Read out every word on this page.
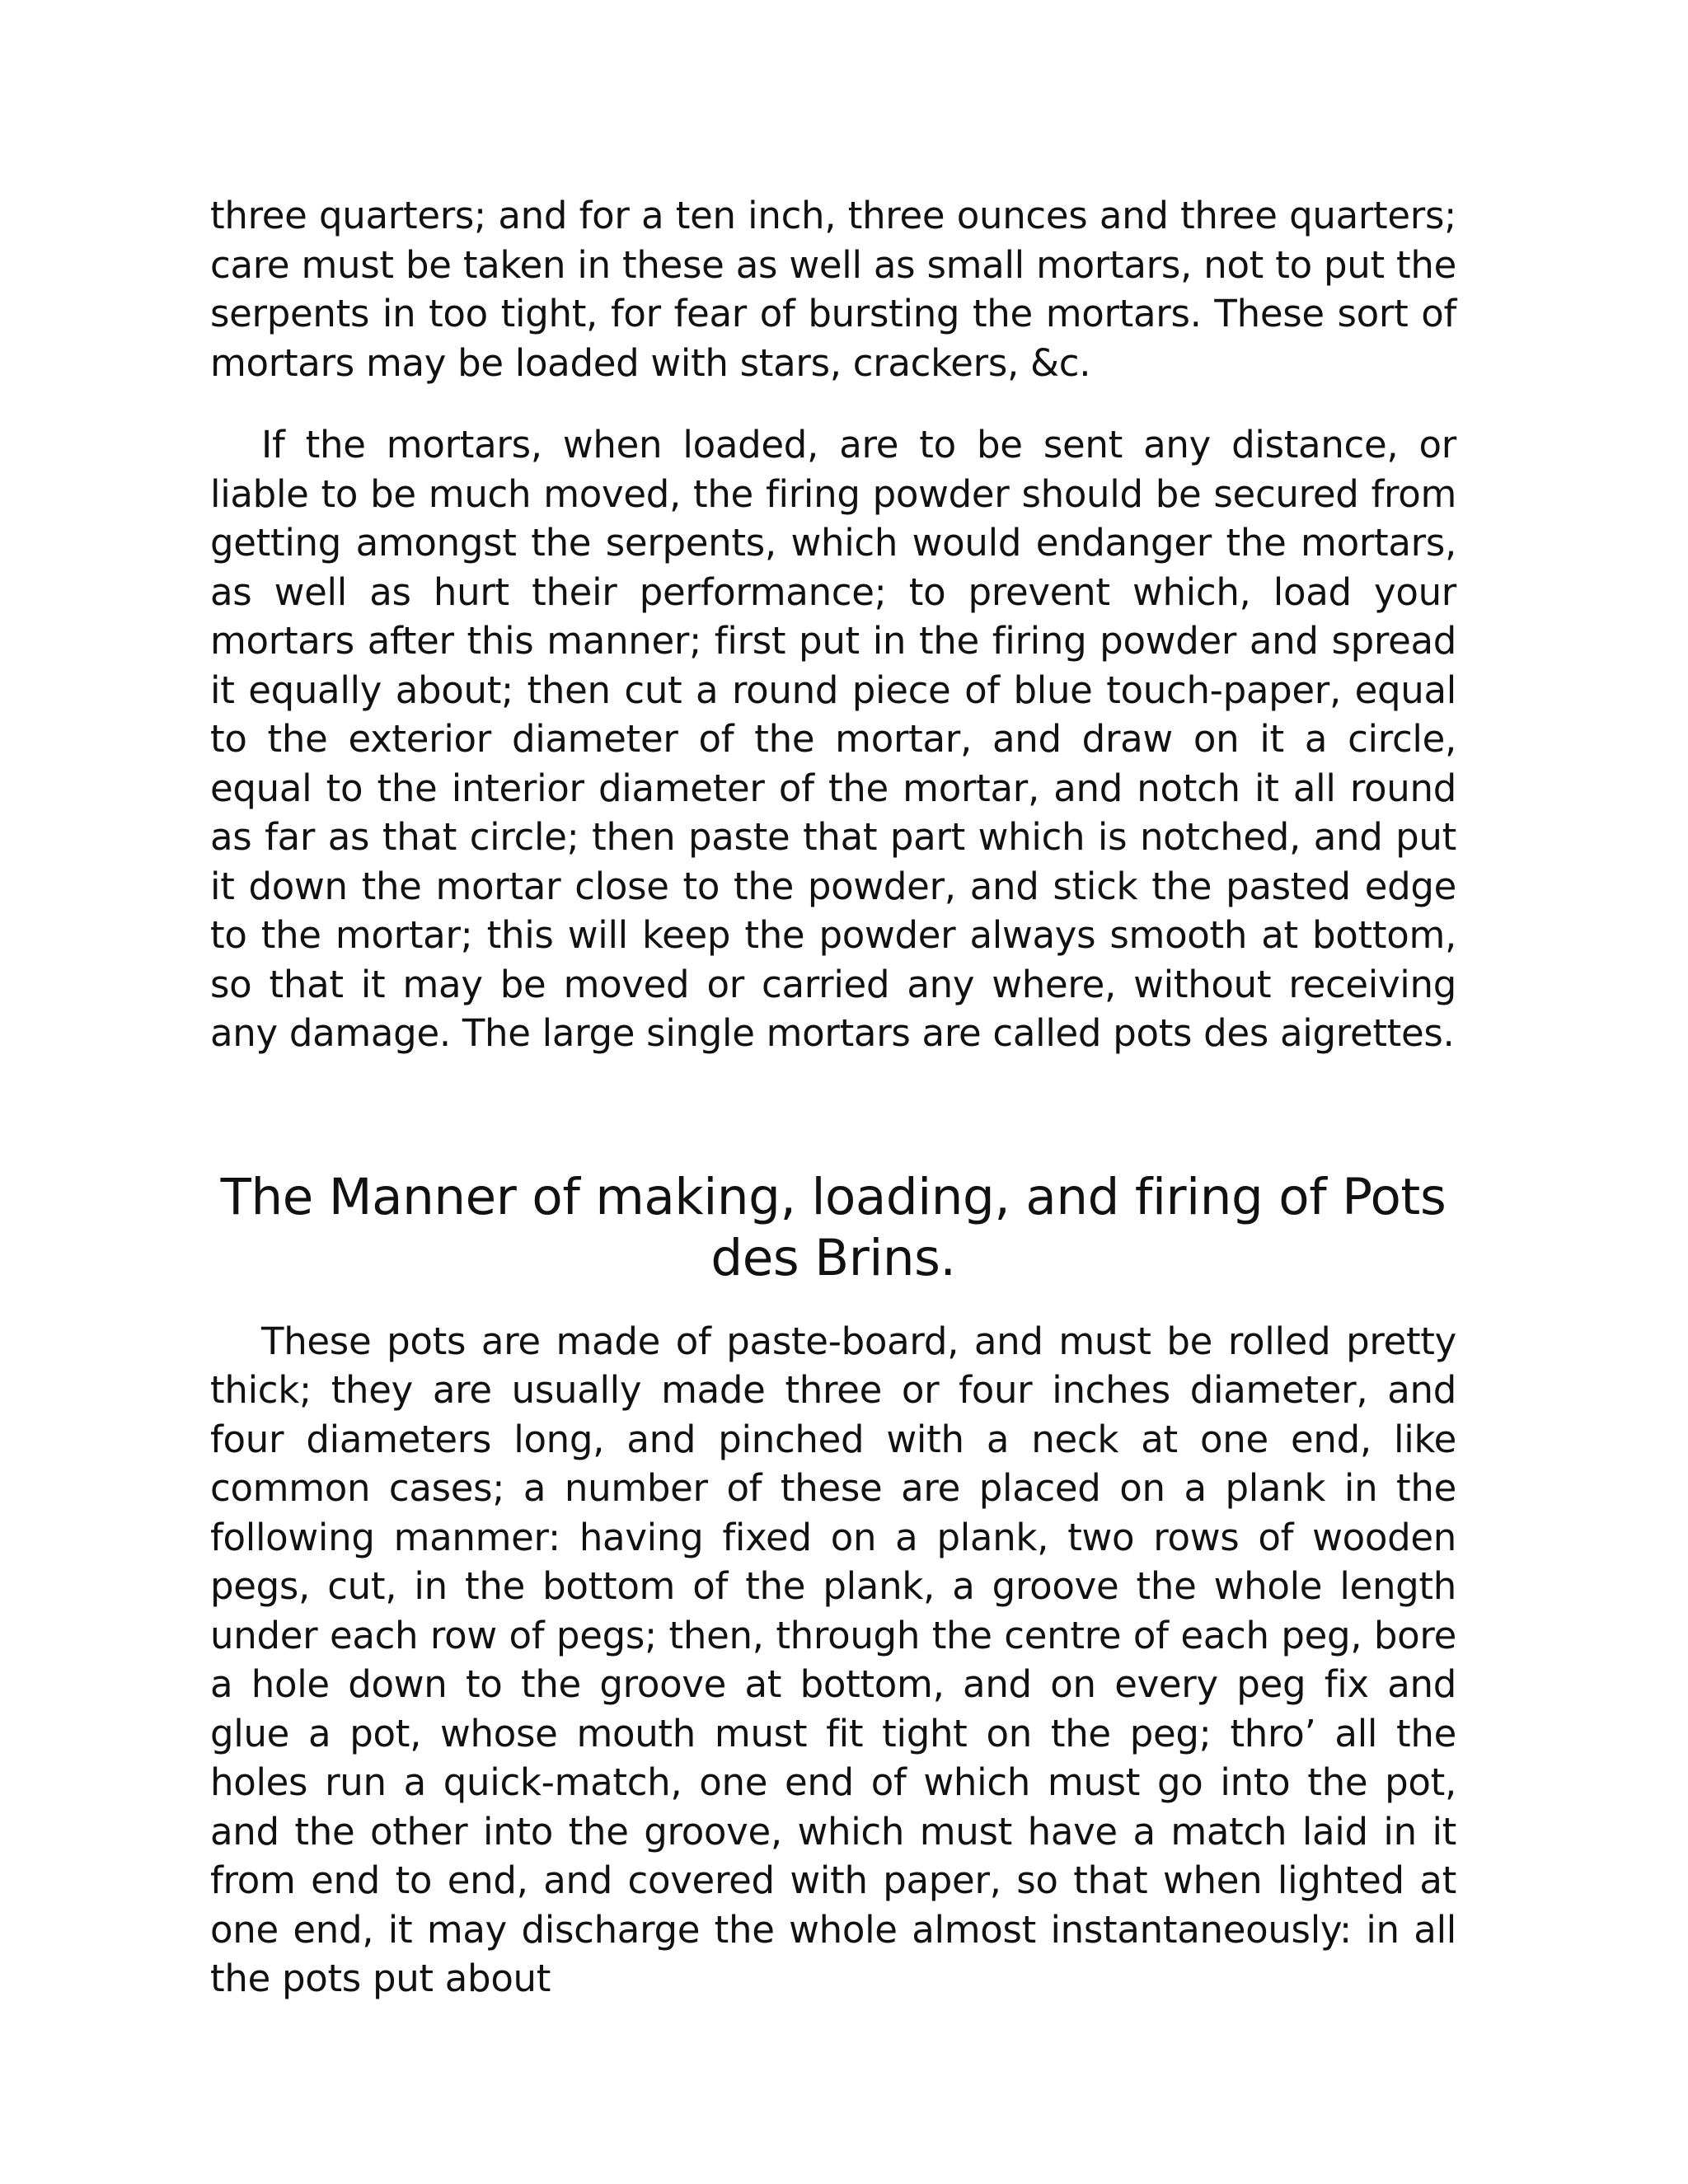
three quarters; and for a ten inch, three ounces and three quarters; care must be taken in these as well as small mortars, not to put the serpents in too tight, for fear of bursting the mortars. These sort of mortars may be loaded with stars, crackers, &c.

If the mortars, when loaded, are to be sent any distance, or liable to be much moved, the firing powder should be secured from getting amongst the serpents, which would endanger the mortars, as well as hurt their performance; to prevent which, load your mortars after this manner; first put in the firing powder and spread it equally about; then cut a round piece of blue touch-paper, equal to the exterior diameter of the mortar, and draw on it a circle, equal to the interior diameter of the mortar, and notch it all round as far as that circle; then paste that part which is notched, and put it down the mortar close to the powder, and stick the pasted edge to the mortar; this will keep the powder always smooth at bottom, so that it may be moved or carried any where, without receiving any damage. The large single mortars are called pots des aigrettes.

The Manner of making, loading, and firing of Pots des Brins.

These pots are made of paste-board, and must be rolled pretty thick; they are usually made three or four inches diameter, and four diameters long, and pinched with a neck at one end, like common cases; a number of these are placed on a plank in the following manmer: having fixed on a plank, two rows of wooden pegs, cut, in the bottom of the plank, a groove the whole length under each row of pegs; then, through the centre of each peg, bore a hole down to the groove at bottom, and on every peg fix and glue a pot, whose mouth must fit tight on the peg; thro’ all the holes run a quick-match, one end of which must go into the pot, and the other into the groove, which must have a match laid in it from end to end, and covered with paper, so that when lighted at one end, it may discharge the whole almost instantaneously: in all the pots put about
